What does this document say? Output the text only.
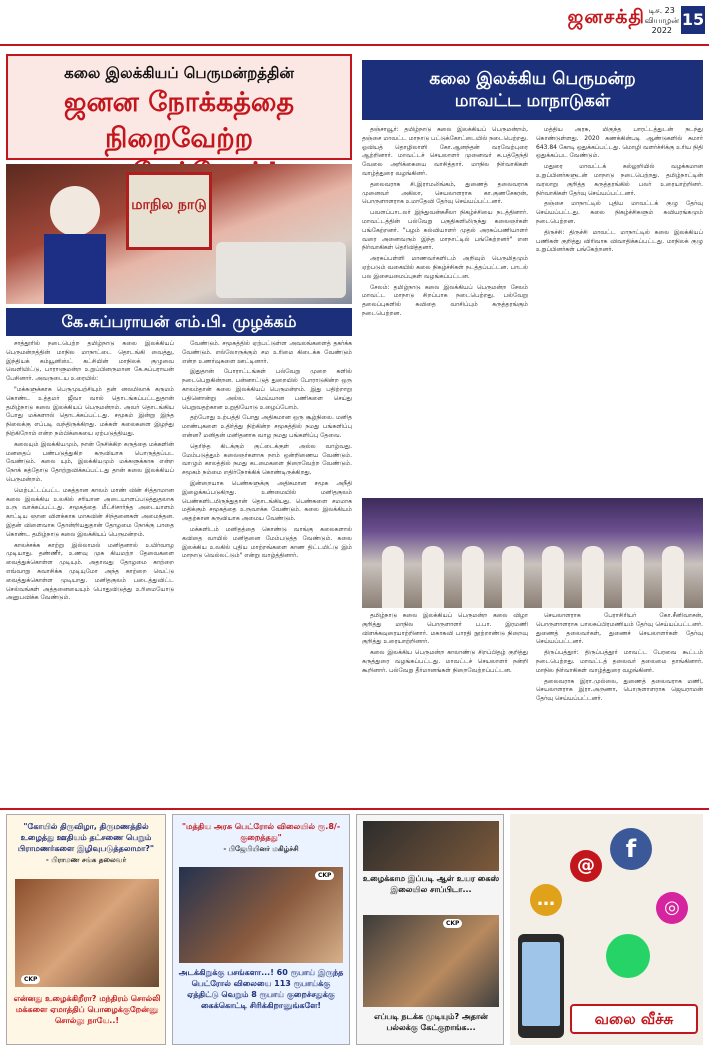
ஜனசக்தி டிச. 23
வியாழன்
2022
15
கலை இலக்கியப் பெருமன்றத்தின்
ஜனன நோக்கத்தை
நிறைவேற்ற
மாநில நாடு
கே.சுப்பராயன் எம்.பி. முழக்கம்

சாத்தூரில் நடைபெற்ற தமிழ்நாடு கலை இலக்கியப் பெருமன்றத்தின் மாநில மாநாட்டை தொடங்கி வைத்து, இந்தியக் கம்யூனிஸ்ட் கட்சியின் மாநிலக் குழுவை வெளியிட்டு, பாராளுமன்ற உறுப்பினருமான கே.சுப்பராயன் பேசினார். அவருடைய உரையில்:

"மக்களுக்காக பெருமுயற்சியும் தன் னலமிலாக் கருமம் கொண்ட உத்தமர் ஜீவா வால் தொடங்கப்பட்டதுதான் தமிழ்நாடு கலை இலக்கியப் பெருமன்றம். அவர் தொடங்கிய போது மக்களால் தொடக்கப்பட்டது. சமூகம் இன்று இந்த நிலைக்கு எப்படி வந்திருக்கிறது. மக்கள் கலைகளை இழந்து நிற்கிறோம் என்ற நம்பிக்கையை ஏற்படுத்தியது.

கலையும் இலக்கியமும், நான் நேசிக்கிற கருத்தை மக்களின் மனதைப் பண்படுத்துகிற கருவியாக பொருத்தப்பட வேண்டும். கலை யும், இலக்கியமும் மக்களுக்காக என்ற நோக் கத்தோடு தோற்றுவிக்கப்பட்டது தான் கலை இலக்கியப் பெருமன்றம்.

மெற்பட்டப்பட்ட மகத்தான காலம் மாண் வின் சித்தாமான கலை இலக்கிய உலகில் சரியான அடையாளப்படுத்துதலாக உரு வாக்கப்பட்டது. சமூகத்தை மீட்சிசார்ந்த அடையாளம் காட்டிய ஞான விளக்காக மாசுவின் சிந்தனைகள் அமைந்தன. இதன் விளைவாக தோன்றியதுதான் தோழமை நோக்கு பாதை கொண்ட தமிழ்நாடு கலை இலக்கியப் பெருமன்றம்.

காலச்சக்க காற்று இல்லாமல் மனிதனால் உயிர்வாழ முடியாது. தண்ணீர், உணவு முக கியமற்ற தேவைகளை வைத்துக்கொள்ள முடியும். அதாவது தோழமை காற்றை எவ்வாறு சுவாசிக்க முடியுமோ அந்த காற்றை வெட்டு வைத்துக்கொள்ள முடியாது. மனிதகுலம் படைத்துவிட்ட செல்வங்கள் அத்தனையையும் பொதுவிடுத்து உரிமையோடு அனுபவிக்க வேண்டும்.

வேண்டும். சமூகத்தில் ஏற்பட்டுள்ள அவலங்களைத் தகர்க்க வேண்டும். எல்லோருக்கும் சம உரிமை கிடைக்க வேண்டும் என்ற உணர்வுகளை ஊட்டினார்.

இதுதான் போராட்டங்கள் பல்வேறு முறை களில் நடைபெறுகின்றன. பன்னாட்டுத் துறையில் போராடுகின்ற ஒரு காலம்தான் கலை இலக்கியப் பெருமன்றம். இது பதிற்றாறு பதினொன்று அல்ல. மெய்யான பணிகளை செய்து பெறுவதற்கான உறுதியோடு உழைப்போம்.

தற்போது உற்பத்தி போது அதிகமான ஒரு சூழ்நிலை. மனித மாண்புகளை உதிர்த்து நிற்கின்ற சமூகத்தில் நமது பங்களிப்பு என்ன? மனிதன் மனிதனாக வாழ நமது பங்களிப்பு தேவை.

தெரிந்த கிடக்கும் குட்டைக்குள் அல்ல வாழ்வது. மேம்படுத்தும் கலைஞர்களாக நாம் ஒன்றிணைய வேண்டும். வாழும் காலத்தில் நமது கடமைகளை நிறைவேற்ற வேண்டும். சமூகம் நம்மை எதிர்நோக்கிக் கொண்டிருக்கிறது.

இன்றையாக பெண்களுக்கு அதிகமான சமூக அநீதி இழைக்கப்படுகிறது. உண்மையில் மனிதகுலம் பெண்களிடமிருந்துதான் தொடங்கியது. பெண்களை சமமாக மதிக்கும் சமூகத்தை உருவாக்க வேண்டும். கலை இலக்கியம் அதற்கான கருவியாக அமைய வேண்டும்.

மக்களிடம் மனிதத்தை கொண்டு வாங்கு கலைகளால் கவிதை வாயில் மனிதனை மேம்படுத்த வேண்டும். கலை இலக்கிய உலகில் புதிய மாற்றங்களை காண திட்டமிட்டு இம் மாநாடு வெல்லட்டும்" என்று வாழ்த்தினார்.

கலை இலக்கிய பெருமன்ற
மாவட்ட மாநாடுகள்

தஞ்சாவூர்: தமிழ்நாடு கலை இலக்கியப் பெருமன்றம், தஞ்சை மாவட்ட மாநாடு பட்டுக்கோட்டையில் நடைபெற்றது. ஓவியத் தொழிலாளி கோ.ஆனந்தன் வரவேற்புரை ஆற்றினார். மாவட்டச் செயலாளர் முனைவர் சு.பத்தேந்தி வேலை அறிக்கையை வாசித்தார். மாநில நிர்வாகிகள் வாழ்த்துரை வழங்கினர்.

தலைவராக சி.இராமலிங்கம், துணைத் தலைவராக முனைவர் அகிலா, செயலாளராக கா.குணசேகரன், பொருளாளராக உமாதேவி தேர்வு செய்யப்பட்டனர்.

பவளப்பாடலர் இந்துவன்சுசீலா நிகழ்ச்சியை நடத்தினார். மாவட்டத்தின் பல்வேறு பகுதிகளிலிருந்து கலைஞர்கள் பங்கேற்றனர். "பழம் கல்வியாளர் முதல் அரசுப்பணியாளர் வரை அனைவரும் இந்த மாநாட்டில் பங்கேற்றனர்" என நிர்வாகிகள் தெரிவித்தனர்.

அரசுப்பள்ளி மாணவர்களிடம் அறிவும் பெருமிதமும் ஏற்படும் வகையில் கலை நிகழ்ச்சிகள் நடத்தப்பட்டன. பாடல் பல இசையமைப்புகள் வழங்கப்பட்டன.

சேலம்: தமிழ்நாடு கலை இலக்கியப் பெருமன்ற சேலம் மாவட்ட மாநாடு சிறப்பாக நடைபெற்றது. பல்வேறு தலைப்புகளில் கவிதை வாசிப்பும் கருத்தரங்கும் நடைபெற்றன.

மத்திய அரசு, மிகுந்த பாரட்டத்துடன் நடந்து கொண்டுள்ளது. 2020 கணக்கின்படி ஆண்டுகளில் சுமார் 643.84 கோடி ஒதுக்கப்பட்டது. மொழி வளர்ச்சிக்கு உரிய நிதி ஒதுக்கப்பட வேண்டும்.

மதுரை மாவட்டக் கல்லூரியில் வழக்கமான உறுப்பினர்களுடன் மாநாடு நடைபெற்றது. தமிழ்நாட்டின் வரலாறு குறித்த கருத்தரங்கில் பலர் உரையாற்றினர். நிர்வாகிகள் தேர்வு செய்யப்பட்டனர்.

தஞ்சை மாநாட்டில் புதிய மாவட்டக் குழு தேர்வு செய்யப்பட்டது. கலை நிகழ்ச்சிகளும் கவியரங்கமும் நடைபெற்றன.

திருச்சி: திருச்சி மாவட்ட மாநாட்டில் கலை இலக்கியப் பணிகள் குறித்து விரிவாக விவாதிக்கப்பட்டது. மாநிலக் குழு உறுப்பினர்கள் பங்கேற்றனர்.

தமிழ்நாடு கலை இலக்கியப் பெருமன்ற கலை விழா குறித்து மாநில பொருளாளர் ப.பா. இரமணி விளக்கவுரையாற்றினார். மகாகவி பாரதி நூற்றாண்டு நிறைவு குறித்து உரையாற்றினார்.

கலை இலக்கிய பெருமன்ற காலாண்டு சிறப்பிதழ் குறித்து கருத்துரை வழங்கப்பட்டது. மாவட்டச் செயலாளர் நன்றி கூறினார். பல்வேறு தீர்மானங்கள் நிறைவேற்றப்பட்டன.

செயலாளராக பேராசிரியர் கோ.சீனிவாசன், பொருளாளராக பாலசுப்பிரமணியம் தேர்வு செய்யப்பட்டனர். துணைத் தலைவர்கள், துணைச் செயலாளர்கள் தேர்வு செய்யப்பட்டனர்.

திருப்பத்தூர்: திருப்பத்தூர் மாவட்ட பேரவை கூட்டம் நடைபெற்றது. மாவட்டத் தலைவர் தலைமை தாங்கினார். மாநில நிர்வாகிகள் வாழ்த்துரை வழங்கினர்.

தலைவராக இரா.முல்லை, துணைத் தலைவராக மணி, செயலாளராக இரா.அருணா, பொருளாளராக ஜெயராமன் தேர்வு செய்யப்பட்டனர்.

"கோயில் திருவிழா, திருமணத்தில் உழைத்து ஊதியம் தட்சணை பெறும் பிராமணர்களை இழிவுபடுத்தலாமா?"
- பிராமண சங்க தலைவர்
CKP
என்னது உழைக்கிறீரா? மந்திரம் சொல்லி மக்களை ஏமாத்திப் பொழைக்குறேன்னு சொல்லு நாயே..!
"மத்திய அரசு பெட்ரோல் விலையில் ரூ.8/- குறைத்தது"
- பிஜேபியினர் மகிழ்ச்சி
CKP
அடக்கிறுக்கு பசங்களா...! 60 ரூபாய் இருந்த பெட்ரோல் விலையை 113 ரூபாய்க்கு ஏத்திட்டு வெறும் 8 ரூபாய் குறைச்சதுக்கு கைக்கொட்டி சிரிக்கிறானுங்களே!
உழைக்காம இப்படி ஆள் உயர கைஸ் இலையில சாப்பிடா...
CKP
எப்படி நடக்க முடியும்? அதான் பல்லக்கு கேட்குறாங்க...
f
@
◎
…
வலை வீச்சு
